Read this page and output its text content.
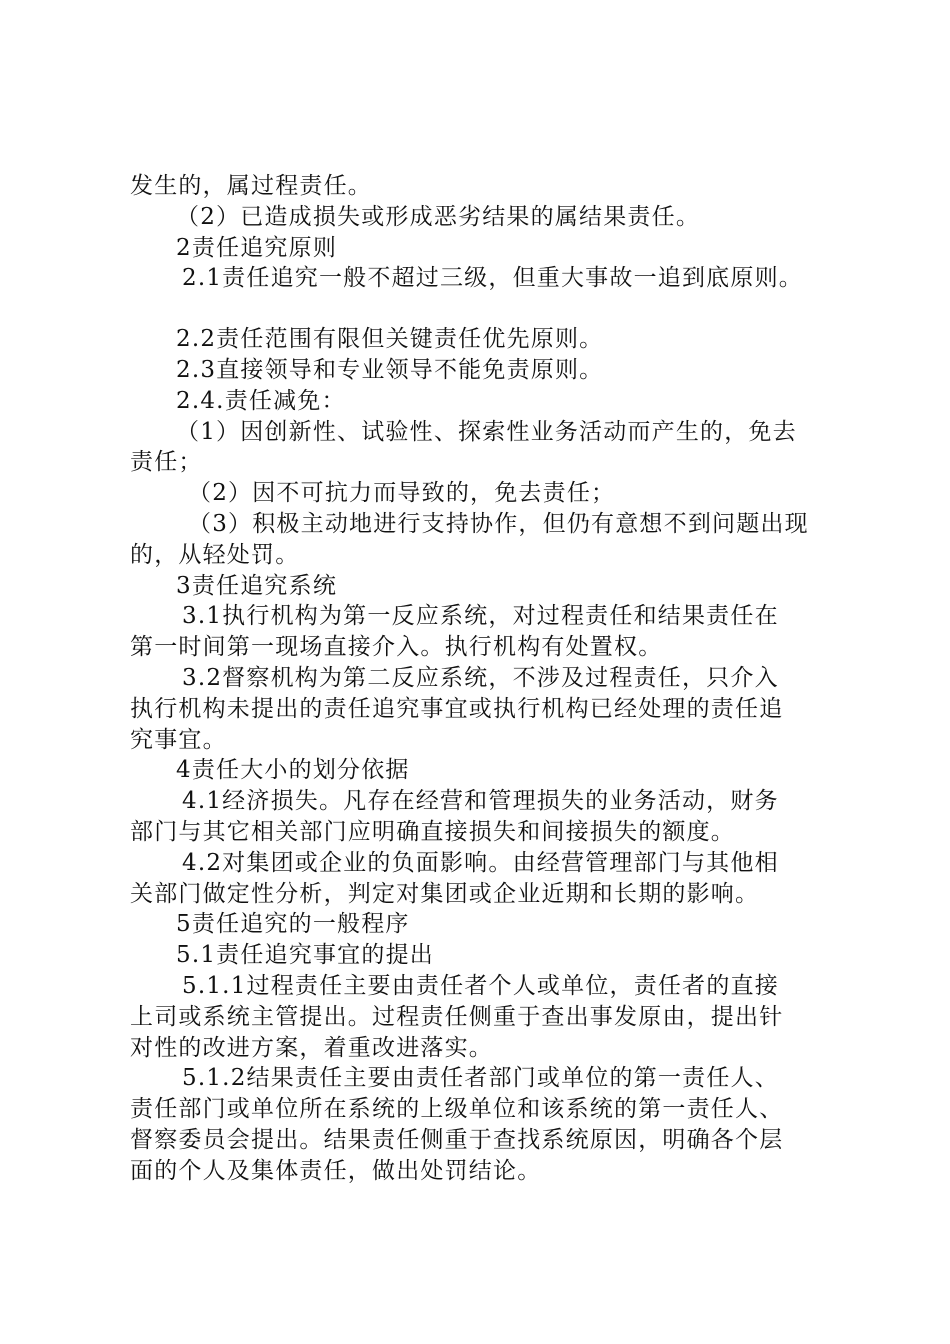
发生的，属过程责任。
（2）已造成损失或形成恶劣结果的属结果责任。
2责任追究原则
2.1责任追究一般不超过三级，但重大事故一追到底原则。
2.2责任范围有限但关键责任优先原则。
2.3直接领导和专业领导不能免责原则。
2.4.责任减免：
（1）因创新性、试验性、探索性业务活动而产生的，免去
责任；
（2）因不可抗力而导致的，免去责任；
（3）积极主动地进行支持协作，但仍有意想不到问题出现
的，从轻处罚。
3责任追究系统
3.1执行机构为第一反应系统，对过程责任和结果责任在
第一时间第一现场直接介入。执行机构有处置权。
3.2督察机构为第二反应系统，不涉及过程责任，只介入
执行机构未提出的责任追究事宜或执行机构已经处理的责任追
究事宜。
4责任大小的划分依据
4.1经济损失。凡存在经营和管理损失的业务活动，财务
部门与其它相关部门应明确直接损失和间接损失的额度。
4.2对集团或企业的负面影响。由经营管理部门与其他相
关部门做定性分析，判定对集团或企业近期和长期的影响。
5责任追究的一般程序
5.1责任追究事宜的提出
5.1.1过程责任主要由责任者个人或单位，责任者的直接
上司或系统主管提出。过程责任侧重于查出事发原由，提出针
对性的改进方案，着重改进落实。
5.1.2结果责任主要由责任者部门或单位的第一责任人、
责任部门或单位所在系统的上级单位和该系统的第一责任人、
督察委员会提出。结果责任侧重于查找系统原因，明确各个层
面的个人及集体责任，做出处罚结论。
